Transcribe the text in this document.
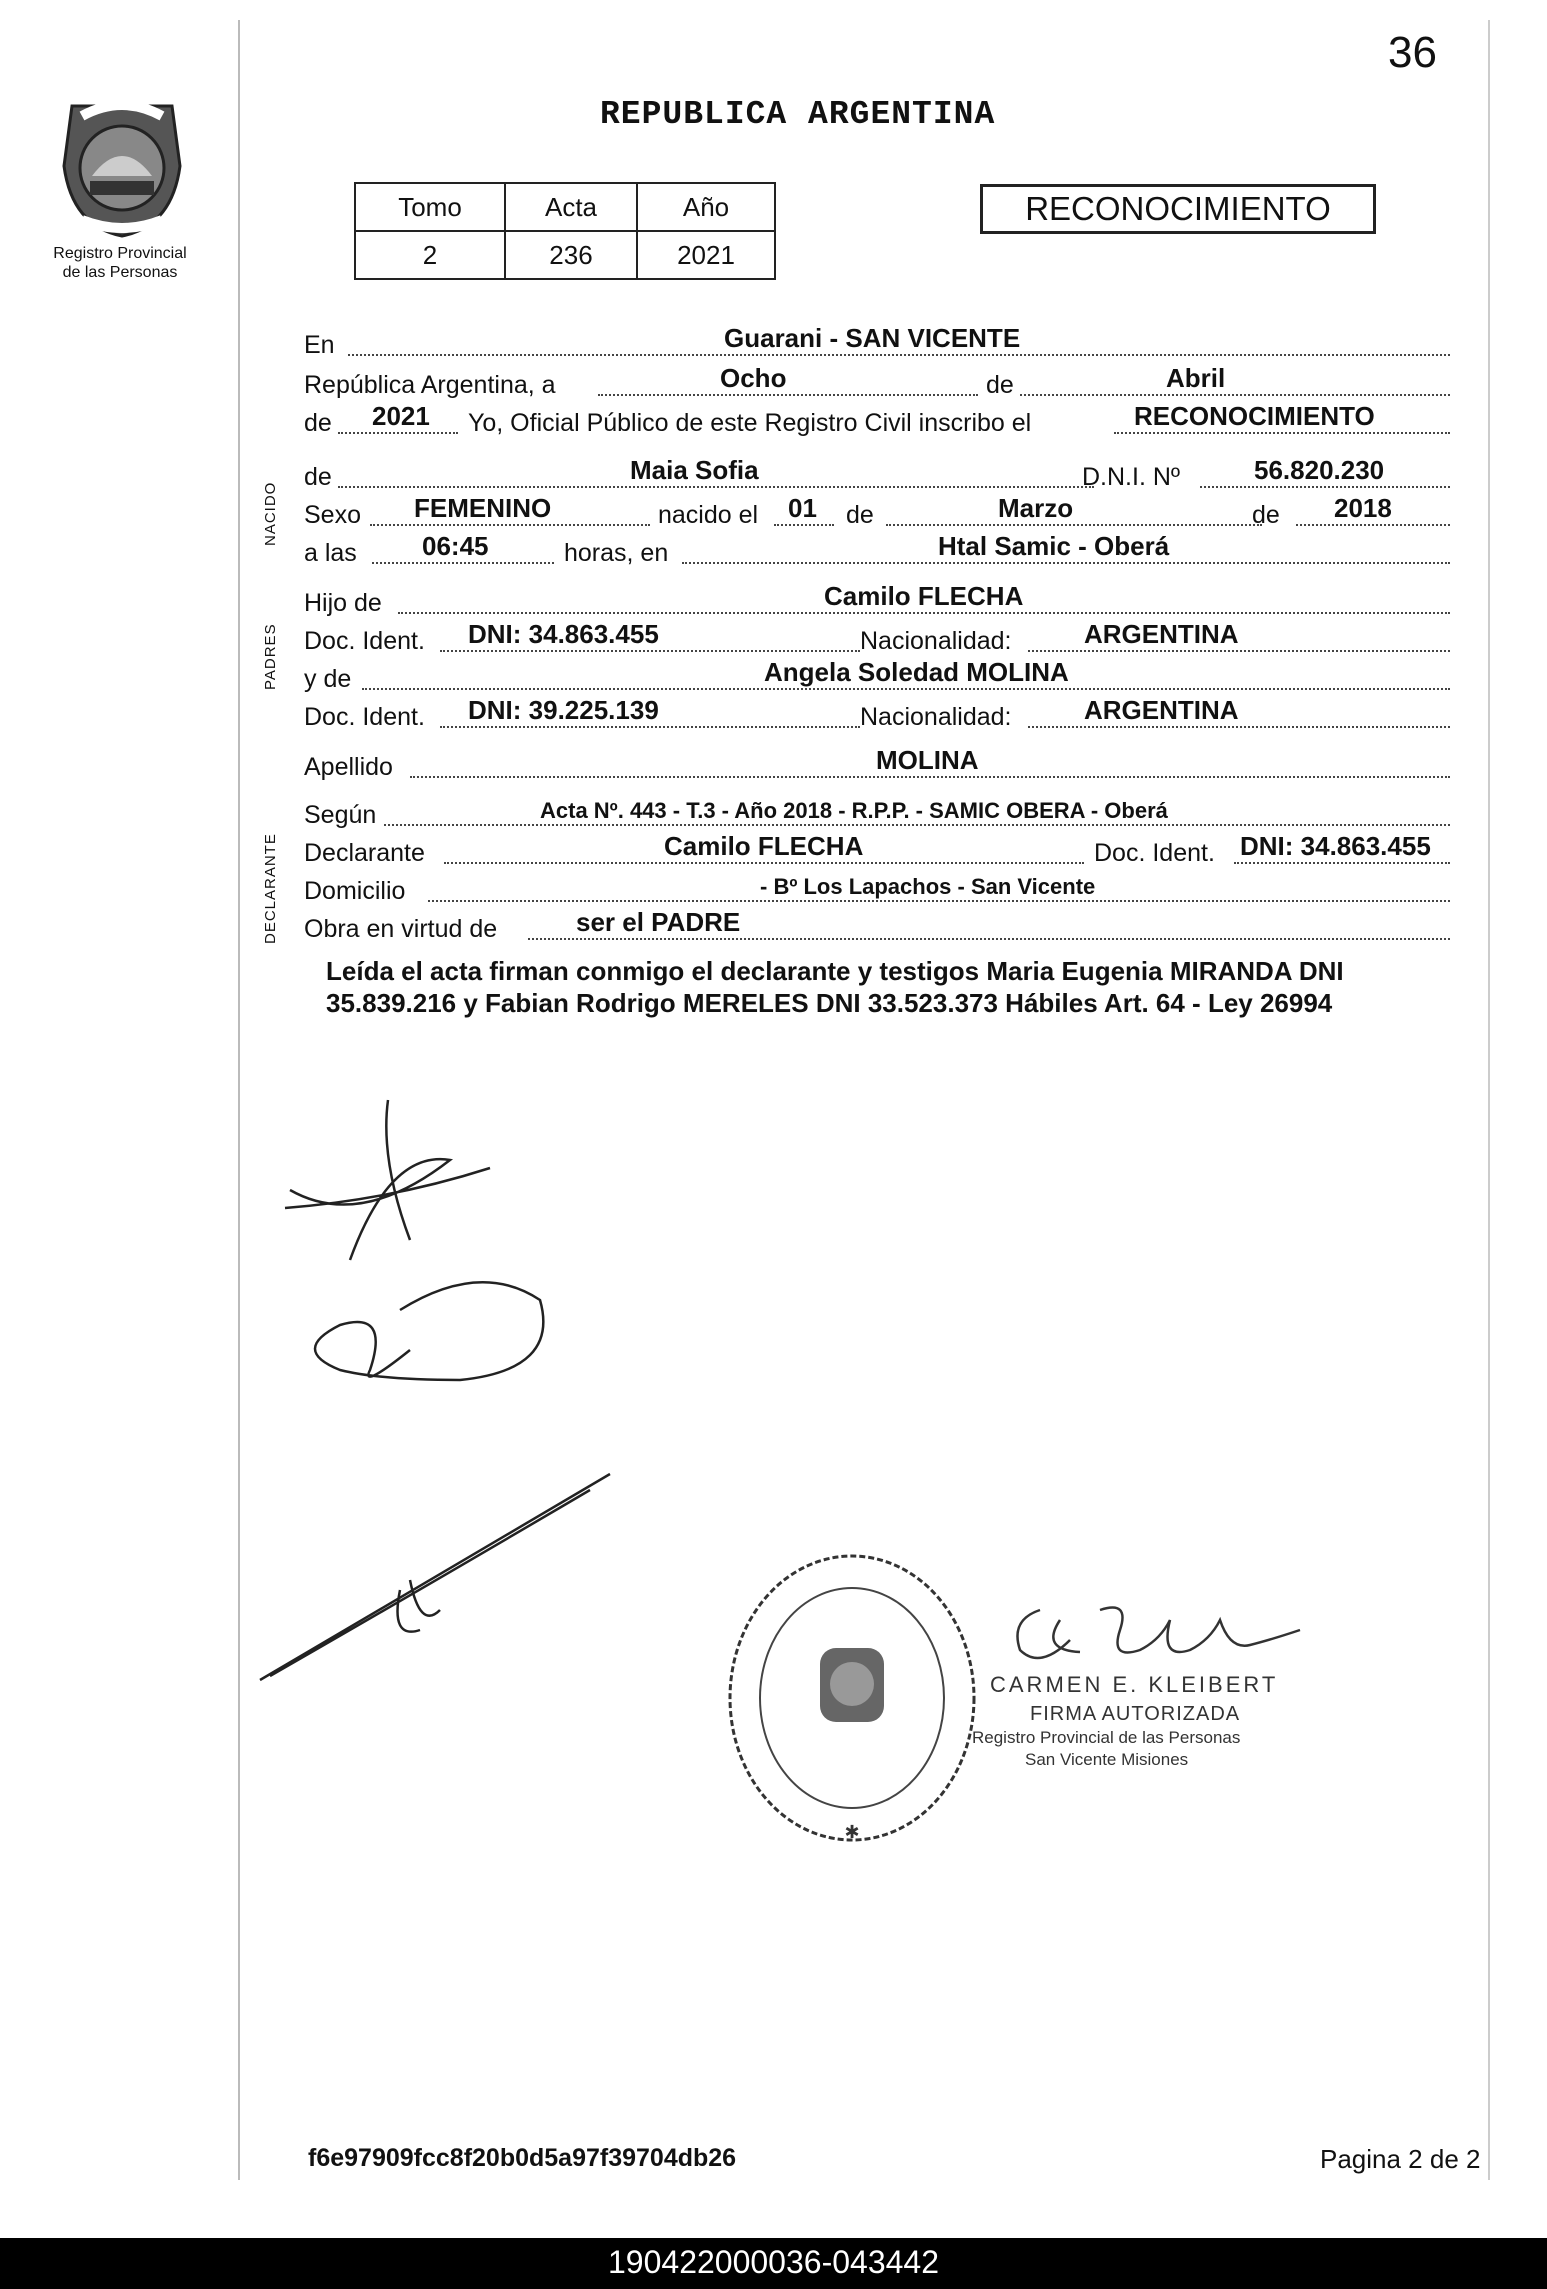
36
Registro Provincial
de las Personas
REPUBLICA ARGENTINA
Tomo	Acta	Año
2	236	2021
RECONOCIMIENTO
NACIDO
PADRES
DECLARANTE
En	Guarani - SAN VICENTE
República Argentina, a	Ocho	de	Abril
de 2021 Yo, Oficial Público de este Registro Civil inscribo el	RECONOCIMIENTO
de	Maia Sofia	D.N.I. Nº	56.820.230
Sexo FEMENINO	nacido el 01 de	Marzo	de 2018
a las	06:45	horas, en	Htal Samic - Oberá
Hijo de	Camilo FLECHA
Doc. Ident. DNI: 34.863.455	Nacionalidad:	ARGENTINA
y de	Angela Soledad MOLINA
Doc. Ident. DNI: 39.225.139	Nacionalidad:	ARGENTINA
Apellido	MOLINA
Según	Acta Nº. 443 - T.3 - Año 2018 - R.P.P. - SAMIC OBERA - Oberá
Declarante	Camilo FLECHA	Doc. Ident. DNI: 34.863.455
Domicilio	- Bº Los Lapachos - San Vicente
Obra en virtud de	ser el PADRE
Leída el acta firman conmigo el declarante y testigos Maria Eugenia MIRANDA DNI 35.839.216 y Fabian Rodrigo MERELES DNI 33.523.373 Hábiles Art. 64 - Ley 26994
✱
CARMEN E. KLEIBERT
FIRMA AUTORIZADA
Registro Provincial de las Personas
San Vicente Misiones
f6e97909fcc8f20b0d5a97f39704db26	Pagina 2 de 2
190422000036-043442
